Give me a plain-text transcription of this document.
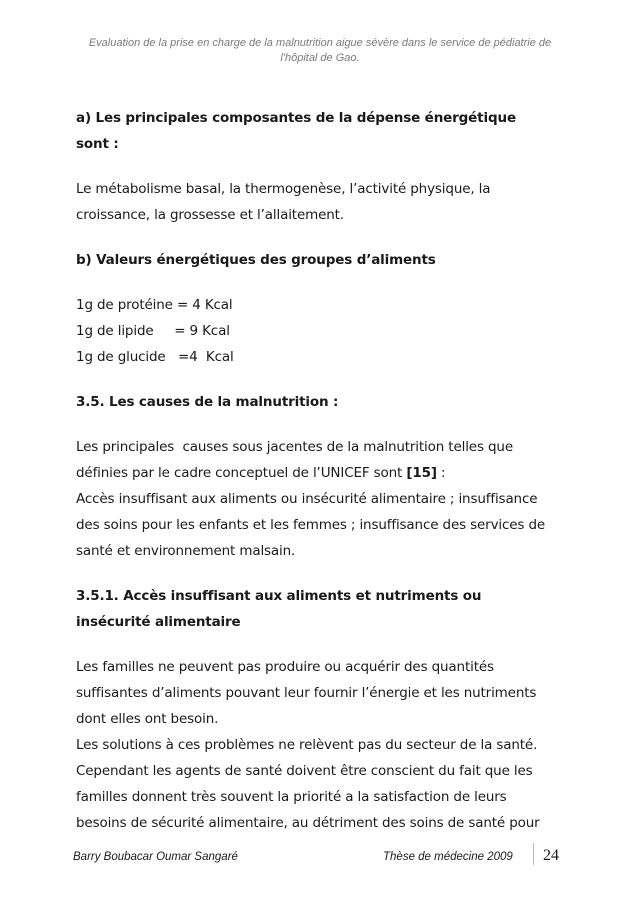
Evaluation de la prise en charge de la malnutrition aigue sévère dans le service de pédiatrie de
l'hôpital de Gao.

a) Les principales composantes de la dépense énergétique

sont :

Le métabolisme basal, la thermogenèse, l’activité physique, la

croissance, la grossesse et l’allaitement.

b) Valeurs énergétiques des groupes d’aliments

1g de protéine = 4 Kcal

1g de lipide     = 9 Kcal

1g de glucide   =4  Kcal

3.5. Les causes de la malnutrition :

Les principales  causes sous jacentes de la malnutrition telles que

définies par le cadre conceptuel de l’UNICEF sont [15] :

Accès insuffisant aux aliments ou insécurité alimentaire ; insuffisance

des soins pour les enfants et les femmes ; insuffisance des services de

santé et environnement malsain.

3.5.1. Accès insuffisant aux aliments et nutriments ou

insécurité alimentaire

Les familles ne peuvent pas produire ou acquérir des quantités

suffisantes d’aliments pouvant leur fournir l’énergie et les nutriments

dont elles ont besoin.

Les solutions à ces problèmes ne relèvent pas du secteur de la santé.

Cependant les agents de santé doivent être conscient du fait que les

familles donnent très souvent la priorité a la satisfaction de leurs

besoins de sécurité alimentaire, au détriment des soins de santé pour

Barry Boubacar Oumar Sangaré	Thèse de médecine 2009 24
